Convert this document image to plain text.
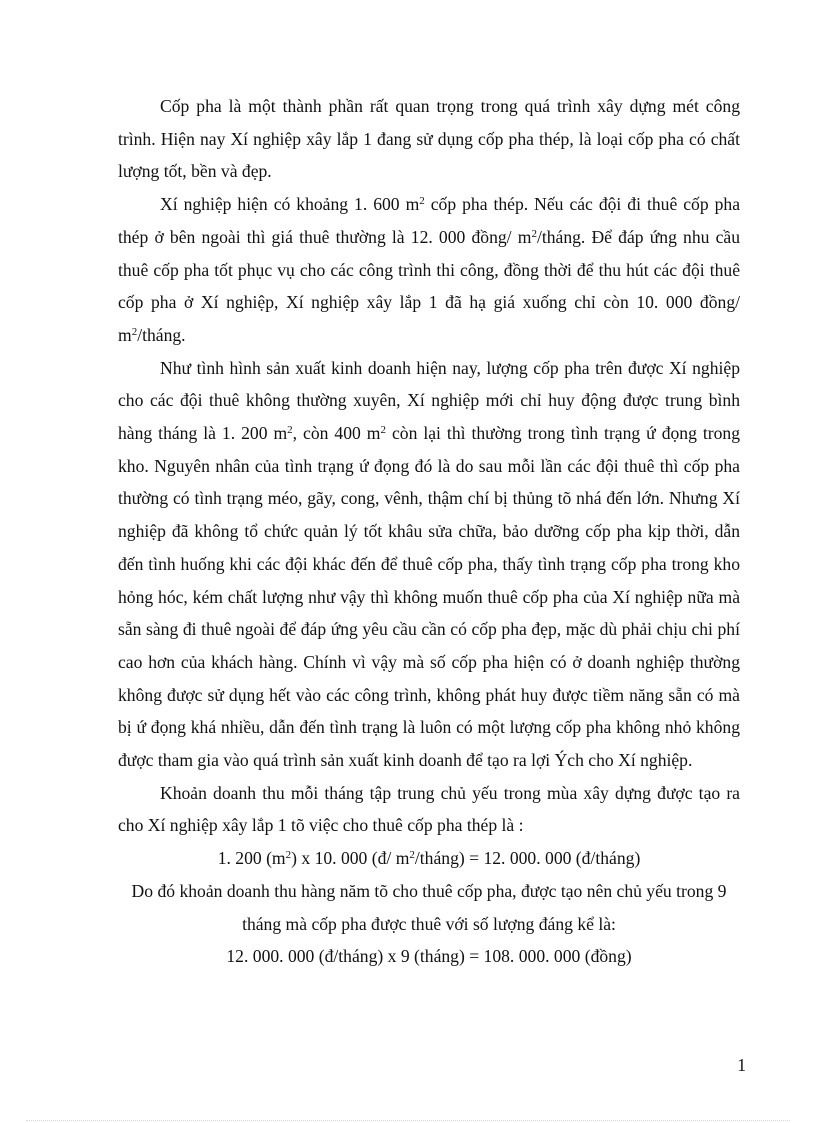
Cốp pha là một thành phần rất quan trọng trong quá trình xây dựng mét công trình. Hiện nay Xí nghiệp xây lắp 1 đang sử dụng cốp pha thép, là loại cốp pha có chất lượng tốt, bền và đẹp.

Xí nghiệp hiện có khoảng 1. 600 $m^2$ cốp pha thép. Nếu các đội đi thuê cốp pha thép ở bên ngoài thì giá thuê thường là 12. 000 đồng/ $m^2$/tháng. Để đáp ứng nhu cầu thuê cốp pha tốt phục vụ cho các công trình thi công, đồng thời để thu hút các đội thuê cốp pha ở Xí nghiệp, Xí nghiệp xây lắp 1 đã hạ giá xuống chỉ còn 10. 000 đồng/ $m^2$/tháng.

Như tình hình sản xuất kinh doanh hiện nay, lượng cốp pha trên được Xí nghiệp cho các đội thuê không thường xuyên, Xí nghiệp mới chỉ huy động được trung bình hàng tháng là 1. 200 $m^2$, còn 400 $m^2$ còn lại thì thường trong tình trạng ứ đọng trong kho. Nguyên nhân của tình trạng ứ đọng đó là do sau mỗi lần các đội thuê thì cốp pha thường có tình trạng méo, gãy, cong, vênh, thậm chí bị thủng tõ nhá đến lớn. Nhưng Xí nghiệp đã không tổ chức quản lý tốt khâu sửa chữa, bảo dưỡng cốp pha kịp thời, dẫn đến tình huống khi các đội khác đến để thuê cốp pha, thấy tình trạng cốp pha trong kho hỏng hóc, kém chất lượng như vậy thì không muốn thuê cốp pha của Xí nghiệp nữa mà sẵn sàng đi thuê ngoài để đáp ứng yêu cầu cần có cốp pha đẹp, mặc dù phải chịu chi phí cao hơn của khách hàng. Chính vì vậy mà số cốp pha hiện có ở doanh nghiệp thường không được sử dụng hết vào các công trình, không phát huy được tiềm năng sẵn có mà bị ứ đọng khá nhiều, dẫn đến tình trạng là luôn có một lượng cốp pha không nhỏ không được tham gia vào quá trình sản xuất kinh doanh để tạo ra lợi Ých cho Xí nghiệp.

Khoản doanh thu mỗi tháng tập trung chủ yếu trong mùa xây dựng được tạo ra cho Xí nghiệp xây lắp 1 tõ việc cho thuê cốp pha thép là :

1. 200 $(m^2)$ x 10. 000 (đ/ $m^2/tháng) = 12$. 000. 000 (đ/tháng)

Do đó khoản doanh thu hàng năm tõ cho thuê cốp pha, được tạo nên chủ yếu trong 9 tháng mà cốp pha được thuê với số lượng đáng kể là:

12. 000. 000 (đ/tháng) x 9 (tháng) = 108. 000. 000 (đồng)

1
